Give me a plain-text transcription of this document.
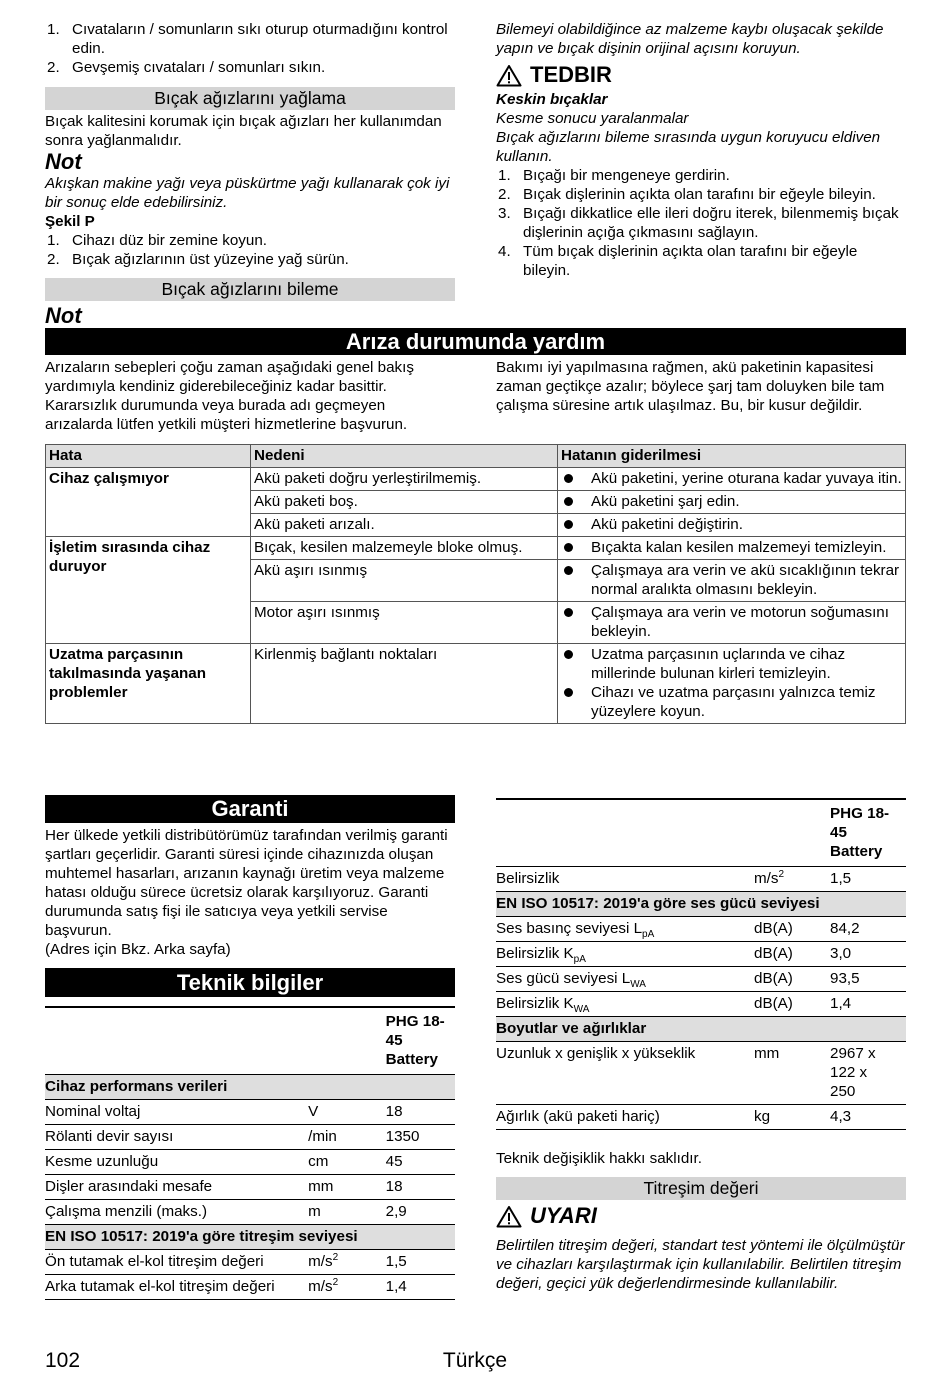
1. Cıvataların / somunların sıkı oturup oturmadığını kontrol edin.
2. Gevşemiş cıvataları / somunları sıkın.
Bıçak ağızlarını yağlama
Bıçak kalitesini korumak için bıçak ağızları her kullanımdan sonra yağlanmalıdır.
Not
Akışkan makine yağı veya püskürtme yağı kullanarak çok iyi bir sonuç elde edebilirsiniz.
Şekil P
1. Cihazı düz bir zemine koyun.
2. Bıçak ağızlarının üst yüzeyine yağ sürün.
Bıçak ağızlarını bileme
Not
Bilemeyi olabildiğince az malzeme kaybı oluşacak şekilde yapın ve bıçak dişinin orijinal açısını koruyun.
TEDBIR
Keskin bıçaklar
Kesme sonucu yaralanmalar
Bıçak ağızlarını bileme sırasında uygun koruyucu eldiven kullanın.
1. Bıçağı bir mengeneye gerdirin.
2. Bıçak dişlerinin açıkta olan tarafını bir eğeyle bileyin.
3. Bıçağı dikkatlice elle ileri doğru iterek, bilenmemiş bıçak dişlerinin açığa çıkmasını sağlayın.
4. Tüm bıçak dişlerinin açıkta olan tarafını bir eğeyle bileyin.
Arıza durumunda yardım
Arızaların sebepleri çoğu zaman aşağıdaki genel bakış yardımıyla kendiniz giderebileceğiniz kadar basittir. Kararsızlık durumunda veya burada adı geçmeyen arızalarda lütfen yetkili müşteri hizmetlerine başvurun.
Bakımı iyi yapılmasına rağmen, akü paketinin kapasitesi zaman geçtikçe azalır; böylece şarj tam doluyken bile tam çalışma süresine artık ulaşılmaz. Bu, bir kusur değildir.
Hata	Nedeni	Hatanın giderilmesi
Cihaz çalışmıyor	Akü paketi doğru yerleştirilmemiş.	Akü paketini, yerine oturana kadar yuvaya itin.

	Akü paketi boş.	Akü paketini şarj edin.

	Akü paketi arızalı.	Akü paketini değiştirin.

İşletim sırasında cihaz duruyor	Bıçak, kesilen malzemeyle bloke olmuş.	Bıçakta kalan kesilen malzemeyi temizleyin.

	Akü aşırı ısınmış	Çalışmaya ara verin ve akü sıcaklığının tekrar normal aralıkta olmasını bekleyin.

	Motor aşırı ısınmış	Çalışmaya ara verin ve motorun soğumasını bekleyin.

Uzatma parçasının takılmasında yaşanan problemler	Kirlenmiş bağlantı noktaları	Uzatma parçasının uçlarında ve cihaz millerinde bulunan kirleri temizleyin.
Cihazı ve uzatma parçasını yalnızca temiz yüzeylere koyun.
Garanti
Her ülkede yetkili distribütörümüz tarafından verilmiş garanti şartları geçerlidir. Garanti süresi içinde cihazınızda oluşan muhtemel hasarları, arızanın kaynağı üretim veya malzeme hatası olduğu sürece ücretsiz olarak karşılıyoruz. Garanti durumunda satış fişi ile satıcıya veya yetkili servise başvurun.
(Adres için Bkz. Arka sayfa)
Teknik bilgiler
		PHG 18-45 Battery
Cihaz performans verileri		
Nominal voltaj	V	18
Rölanti devir sayısı	/min	1350
Kesme uzunluğu	cm	45
Dişler arasındaki mesafe	mm	18
Çalışma menzili (maks.)	m	2,9
EN ISO 10517: 2019'a göre titreşim seviyesi		
Ön tutamak el-kol titreşim değeri	$m/s^2$	1,5
Arka tutamak el-kol titreşim değeri	$m/s^2$	1,4
		PHG 18-45 Battery
Belirsizlik	$m/s^2$	1,5
EN ISO 10517: 2019'a göre ses gücü seviyesi		
Ses basınç seviyesi $L_{pA}$	dB(A)	84,2
Belirsizlik $K_{pA}$	dB(A)	3,0
Ses gücü seviyesi $L_{WA}$	dB(A)	93,5
Belirsizlik $K_{WA}$	dB(A)	1,4
Boyutlar ve ağırlıklar		
Uzunluk x genişlik x yükseklik	mm	2967 x 122 x 250
Ağırlık (akü paketi hariç)	kg	4,3
Teknik değişiklik hakkı saklıdır.
Titreşim değeri
UYARI
Belirtilen titreşim değeri, standart test yöntemi ile ölçülmüştür ve cihazları karşılaştırmak için kullanılabilir. Belirtilen titreşim değeri, geçici yük değerlendirmesinde kullanılabilir.
102	Türkçe
